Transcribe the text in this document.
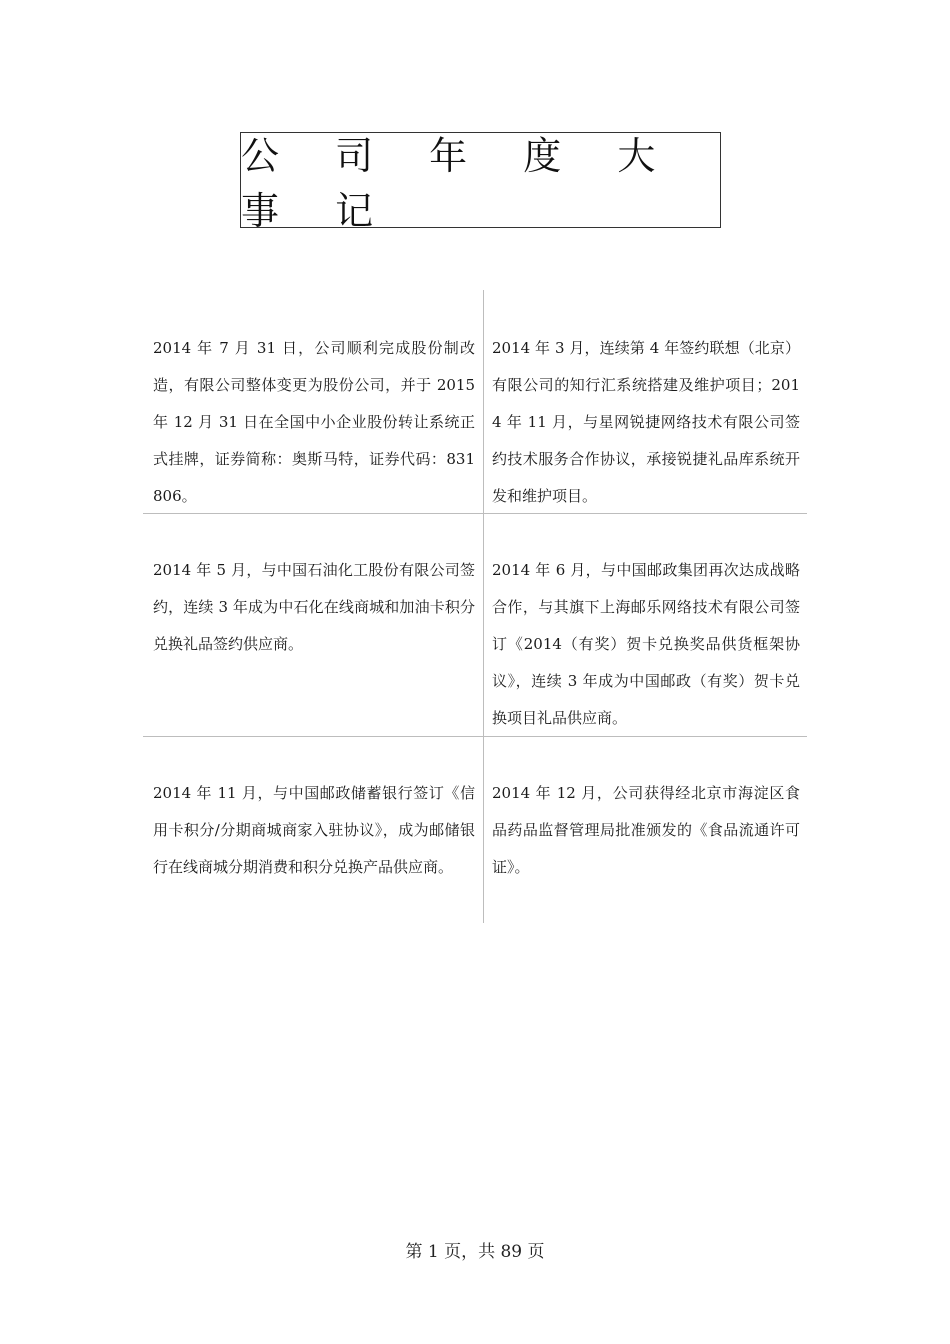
公 司 年 度 大 事 记
2014 年 7 月 31 日，公司顺利完成股份制改造，有限公司整体变更为股份公司，并于 2015 年 12 月 31 日在全国中小企业股份转让系统正式挂牌，证券简称：奥斯马特，证券代码：831806。
2014 年 3 月，连续第 4 年签约联想（北京）有限公司的知行汇系统搭建及维护项目；2014 年 11 月，与星网锐捷网络技术有限公司签约技术服务合作协议，承接锐捷礼品库系统开发和维护项目。
2014 年 5 月，与中国石油化工股份有限公司签约，连续 3 年成为中石化在线商城和加油卡积分兑换礼品签约供应商。
2014 年 6 月，与中国邮政集团再次达成战略合作，与其旗下上海邮乐网络技术有限公司签订《2014（有奖）贺卡兑换奖品供货框架协议》，连续 3 年成为中国邮政（有奖）贺卡兑换项目礼品供应商。
2014 年 11 月，与中国邮政储蓄银行签订《信用卡积分/分期商城商家入驻协议》，成为邮储银行在线商城分期消费和积分兑换产品供应商。
2014 年 12 月，公司获得经北京市海淀区食品药品监督管理局批准颁发的《食品流通许可证》。
第 1 页，共 89 页
